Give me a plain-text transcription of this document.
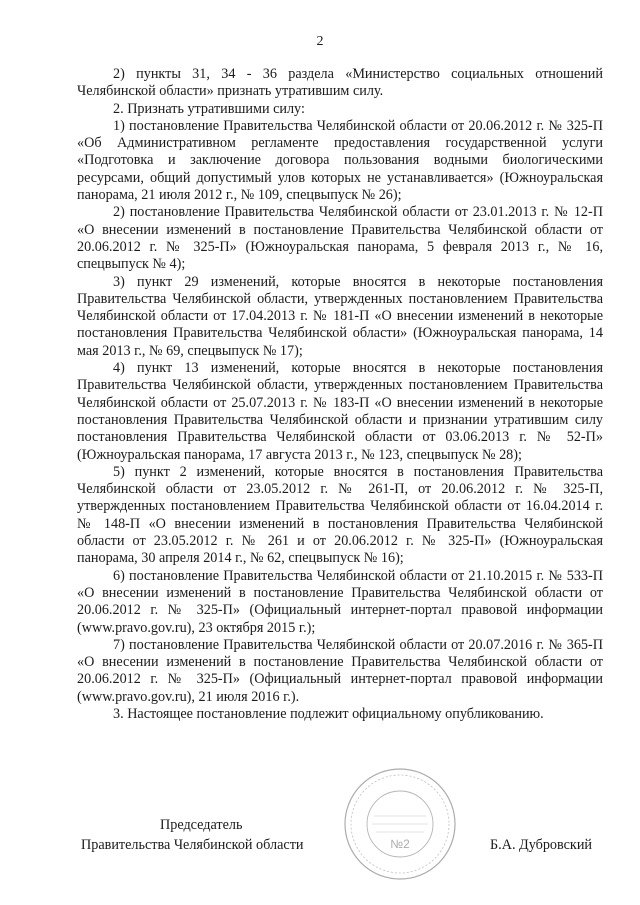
2

2) пункты 31, 34 - 36 раздела «Министерство социальных отношений Челябинской области» признать утратившим силу.

2. Признать утратившими силу:

1) постановление Правительства Челябинской области от 20.06.2012 г. № 325-П «Об Административном регламенте предоставления государственной услуги «Подготовка и заключение договора пользования водными биологическими ресурсами, общий допустимый улов которых не устанавливается» (Южноуральская панорама, 21 июля 2012 г., № 109, спецвыпуск № 26);

2) постановление Правительства Челябинской области от 23.01.2013 г. № 12-П «О внесении изменений в постановление Правительства Челябинской области от 20.06.2012 г. № 325-П» (Южноуральская панорама, 5 февраля 2013 г., № 16, спецвыпуск № 4);

3) пункт 29 изменений, которые вносятся в некоторые постановления Правительства Челябинской области, утвержденных постановлением Правительства Челябинской области от 17.04.2013 г. № 181-П «О внесении изменений в некоторые постановления Правительства Челябинской области» (Южноуральская панорама, 14 мая 2013 г., № 69, спецвыпуск № 17);

4) пункт 13 изменений, которые вносятся в некоторые постановления Правительства Челябинской области, утвержденных постановлением Правительства Челябинской области от 25.07.2013 г. № 183-П «О внесении изменений в некоторые постановления Правительства Челябинской области и признании утратившим силу постановления Правительства Челябинской области от 03.06.2013 г. № 52-П» (Южноуральская панорама, 17 августа 2013 г., № 123, спецвыпуск № 28);

5) пункт 2 изменений, которые вносятся в постановления Правительства Челябинской области от 23.05.2012 г. № 261-П, от 20.06.2012 г. № 325-П, утвержденных постановлением Правительства Челябинской области от 16.04.2014 г. № 148-П «О внесении изменений в постановления Правительства Челябинской области от 23.05.2012 г. № 261 и от 20.06.2012 г. № 325-П» (Южноуральская панорама, 30 апреля 2014 г., № 62, спецвыпуск № 16);

6) постановление Правительства Челябинской области от 21.10.2015 г. № 533-П «О внесении изменений в постановление Правительства Челябинской области от 20.06.2012 г. № 325-П» (Официальный интернет-портал правовой информации (www.pravo.gov.ru), 23 октября 2015 г.);

7) постановление Правительства Челябинской области от 20.07.2016 г. № 365-П «О внесении изменений в постановление Правительства Челябинской области от 20.06.2012 г. № 325-П» (Официальный интернет-портал правовой информации (www.pravo.gov.ru), 21 июля 2016 г.).

3. Настоящее постановление подлежит официальному опубликованию.

Председатель
Правительства Челябинской области	Б.А. Дубровский
№2
